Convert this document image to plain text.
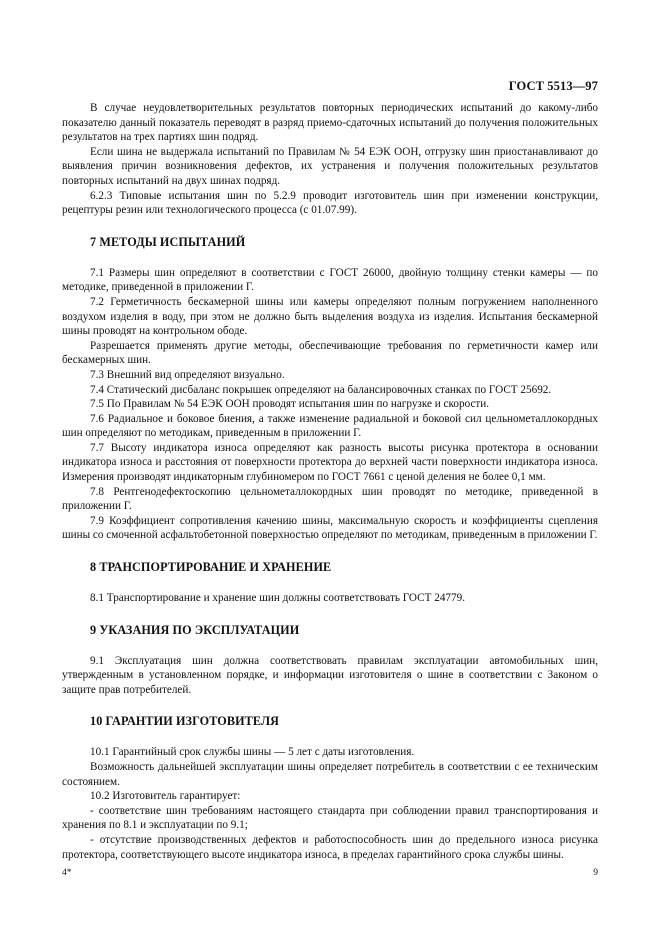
ГОСТ 5513—97

В случае неудовлетворительных результатов повторных периодических испытаний до какому-либо показателю данный показатель переводят в разряд приемо-сдаточных испытаний до получения положительных результатов на трех партиях шин подряд.

Если шина не выдержала испытаний по Правилам № 54 ЕЭК ООН, отгрузку шин приостанавливают до выявления причин возникновения дефектов, их устранения и получения положительных результатов повторных испытаний на двух шинах подряд.

6.2.3 Типовые испытания шин по 5.2.9 проводит изготовитель шин при изменении конструкции, рецептуры резин или технологического процесса (с 01.07.99).

7 МЕТОДЫ ИСПЫТАНИЙ

7.1 Размеры шин определяют в соответствии с ГОСТ 26000, двойную толщину стенки камеры — по методике, приведенной в приложении Г.

7.2 Герметичность бескамерной шины или камеры определяют полным погружением наполненного воздухом изделия в воду, при этом не должно быть выделения воздуха из изделия. Испытания бескамерной шины проводят на контрольном ободе.

Разрешается применять другие методы, обеспечивающие требования по герметичности камер или бескамерных шин.

7.3 Внешний вид определяют визуально.

7.4 Статический дисбаланс покрышек определяют на балансировочных станках по ГОСТ 25692.

7.5 По Правилам № 54 ЕЭК ООН проводят испытания шин по нагрузке и скорости.

7.6 Радиальное и боковое биения, а также изменение радиальной и боковой сил цельнометаллокордных шин определяют по методикам, приведенным в приложении Г.

7.7 Высоту индикатора износа определяют как разность высоты рисунка протектора в основании индикатора износа и расстояния от поверхности протектора до верхней части поверхности индикатора износа. Измерения производят индикаторным глубиномером по ГОСТ 7661 с ценой деления не более 0,1 мм.

7.8 Рентгенодефектоскопию цельнометаллокордных шин проводят по методике, приведенной в приложении Г.

7.9 Коэффициент сопротивления качению шины, максимальную скорость и коэффициенты сцепления шины со смоченной асфальтобетонной поверхностью определяют по методикам, приведенным в приложении Г.

8 ТРАНСПОРТИРОВАНИЕ И ХРАНЕНИЕ

8.1 Транспортирование и хранение шин должны соответствовать ГОСТ 24779.

9 УКАЗАНИЯ ПО ЭКСПЛУАТАЦИИ

9.1 Эксплуатация шин должна соответствовать правилам эксплуатации автомобильных шин, утвержденным в установленном порядке, и информации изготовителя о шине в соответствии с Законом о защите прав потребителей.

10 ГАРАНТИИ ИЗГОТОВИТЕЛЯ

10.1 Гарантийный срок службы шины — 5 лет с даты изготовления.

Возможность дальнейшей эксплуатации шины определяет потребитель в соответствии с ее техническим состоянием.

10.2 Изготовитель гарантирует:

- соответствие шин требованиям настоящего стандарта при соблюдении правил транспортирования и хранения по 8.1 и эксплуатации по 9.1;

- отсутствие производственных дефектов и работоспособность шин до предельного износа рисунка протектора, соответствующего высоте индикатора износа, в пределах гарантийного срока службы шины.

4*	9
